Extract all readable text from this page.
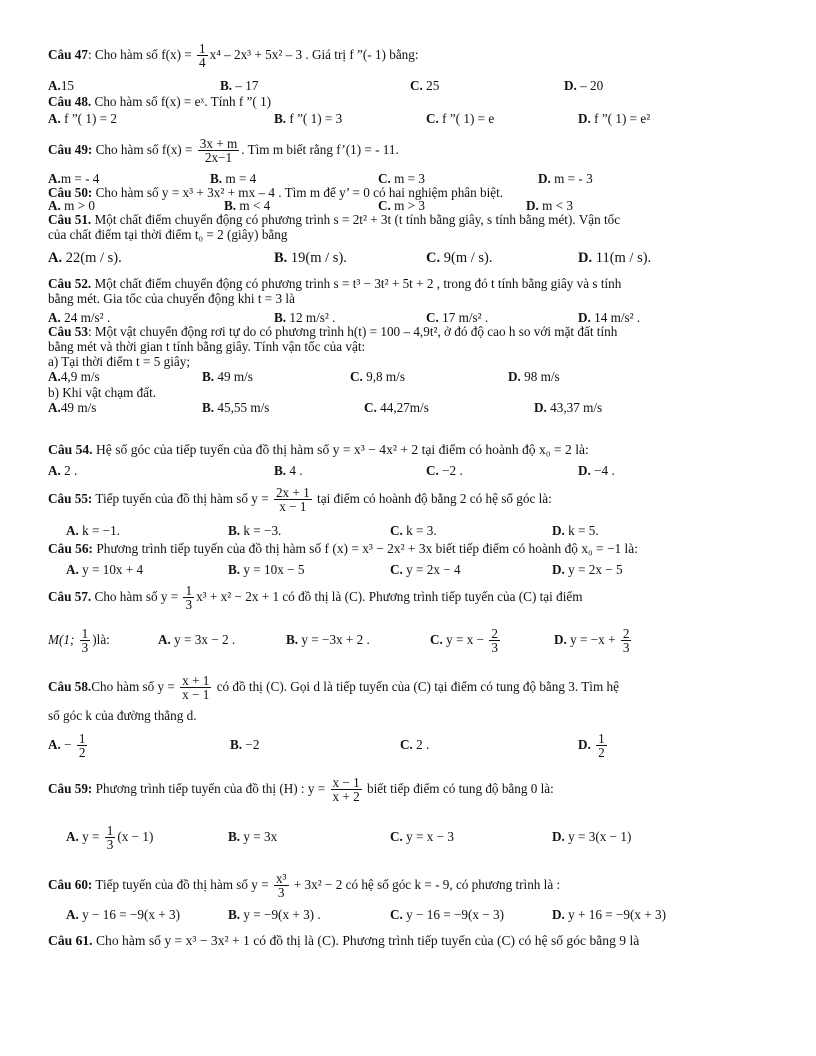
Câu 47: Cho hàm số $f(x) = \frac{1}{4} x^4 - 2x^3 + 5x^2 - 3$ . Giá trị f ”(- 1) bằng:
A.15	B. – 17	C. 25	D. – 20
Câu 48. Cho hàm số f(x) = eˣ. Tính f ”( 1)
A. f ”( 1) = 2	B. f ”( 1) = 3	C. f ”( 1) = e	D. f ”( 1) = e²
Câu 49: Cho hàm số $f(x) = \frac{3x + m}{2x-1}$ . Tìm m biết rằng f’(1) = - 11.
A.m = - 4	B. m = 4	C. m = 3	D. m = - 3
Câu 50: Cho hàm số y = x³ + 3x² + mx – 4 . Tìm m để y’ = 0 có hai nghiệm phân biệt.
A. m > 0	B. m < 4	C. m > 3	D. m < 3
Câu 51. Một chất điểm chuyển động có phương trình s = 2t² + 3t (t tính bằng giây, s tính bằng mét). Vận tốc
của chất điểm tại thời điểm t₀ = 2 (giây) bằng
A. 22(m / s).	B. 19(m / s).	C. 9(m / s).	D. 11(m / s).
Câu 52. Một chất điểm chuyển động có phương trình s = t³ − 3t² + 5t + 2 , trong đó t tính bằng giây và s tính
bằng mét. Gia tốc của chuyển động khi t = 3 là
A. 24 m/s² .	B. 12 m/s² .	C. 17 m/s² .	D. 14 m/s² .
Câu 53: Một vật chuyển động rơi tự do có phương trình h(t) = 100 – 4,9t², ở đó độ cao h so với mặt đất tính
bằng mét và thời gian t tính bằng giây. Tính vận tốc của vật:
a) Tại thời điểm t = 5 giây;
A.4,9 m/s	B. 49 m/s	C. 9,8 m/s	D. 98 m/s
b) Khi vật chạm đất.
A.49 m/s	B. 45,55 m/s	C. 44,27m/s	D. 43,37 m/s
Câu 54. Hệ số góc của tiếp tuyến của đồ thị hàm số y = x³ − 4x² + 2 tại điểm có hoành độ x₀ = 2 là:
A. 2 .	B. 4 .	C. −2 .	D. −4 .
Câu 55: Tiếp tuyến của đồ thị hàm số $y = \frac{2x + 1}{x - 1}$ tại điểm có hoành độ bằng 2 có hệ số góc là:
A. k = −1.	B. k = −3.	C. k = 3.	D. k = 5.
Câu 56: Phương trình tiếp tuyến của đồ thị hàm số f (x) = x³ − 2x² + 3x biết tiếp điểm có hoành độ x₀ = −1 là:
A. y = 10x + 4	B. y = 10x − 5	C. y = 2x − 4	D. y = 2x − 5
Câu 57. Cho hàm số $y = \frac{1}{3} x^3 + x^2 - 2x + 1$ có đồ thị là (C). Phương trình tiếp tuyến của (C) tại điểm
M(1; $\frac{1}{3}$ )là:	A. y = 3x − 2 .	B. y = −3x + 2 .	C. $y = x - \frac{2}{3}$	D. $y = -x + \frac{2}{3}$
Câu 58.Cho hàm số $y = \frac{x + 1}{x - 1}$ có đồ thị (C). Gọi d là tiếp tuyến của (C) tại điểm có tung độ bằng 3. Tìm hệ
số góc k của đường thẳng d.
A. − $\frac{1}{2}$	B. −2	C. 2 .	D. $\frac{1}{2}$
Câu 59: Phương trình tiếp tuyến của đồ thị (H) : $y = \frac{x - 1}{x + 2}$ biết tiếp điểm có tung độ bằng 0 là:
A. $y = \frac{1}{3} (x - 1)$	B. y = 3x	C. y = x − 3	D. y = 3(x − 1)
Câu 60: Tiếp tuyến của đồ thị hàm số $y = \frac{\text{x³}}{3} + 3x^2 - 2$ có hệ số góc k = - 9, có phương trình là :
A. y − 16 = −9(x + 3)	B. y = −9(x + 3) .	C. y − 16 = −9(x − 3)	D. y + 16 = −9(x + 3)
Câu 61. Cho hàm số y = x³ − 3x² + 1 có đồ thị là (C). Phương trình tiếp tuyến của (C) có hệ số góc bằng 9 là
